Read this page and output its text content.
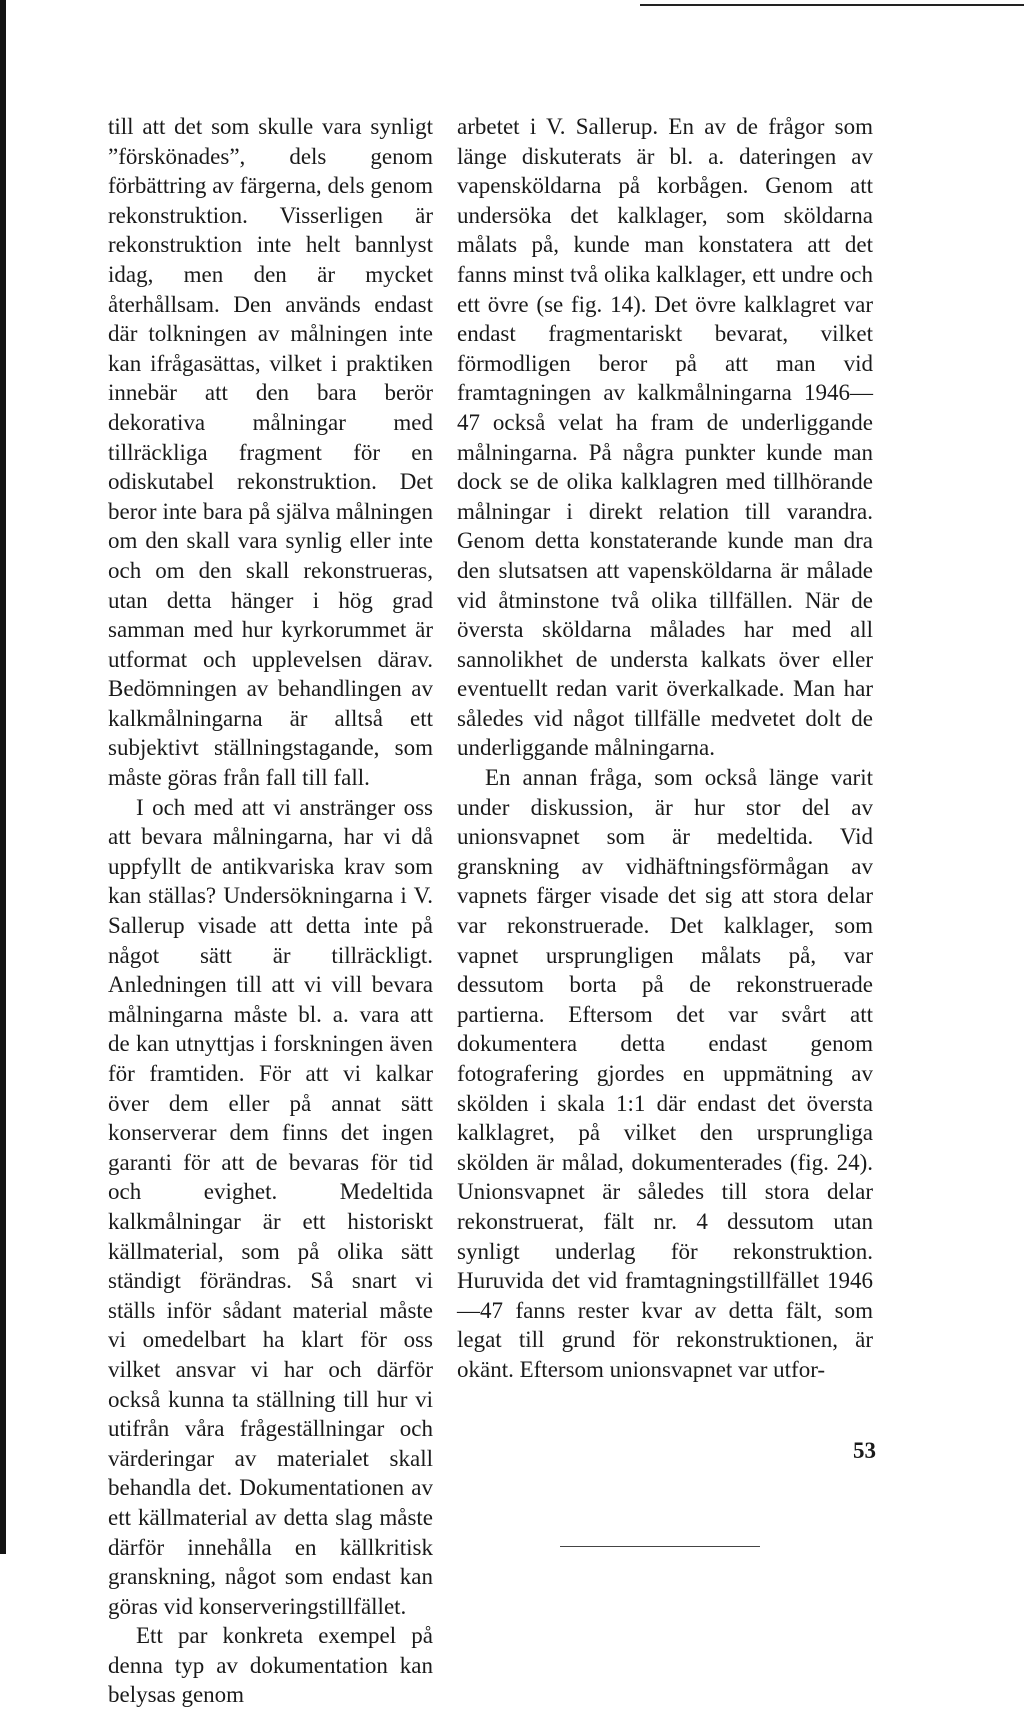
till att det som skulle vara synligt ”förskönades”, dels genom förbättring av färgerna, dels genom rekonstruktion. Visserligen är rekonstruktion inte helt bannlyst idag, men den är mycket återhållsam. Den används endast där tolkningen av målningen inte kan ifrågasättas, vilket i praktiken innebär att den bara berör dekorativa målningar med tillräckliga fragment för en odiskutabel rekonstruktion. Det beror inte bara på själva målningen om den skall vara synlig eller inte och om den skall rekonstrueras, utan detta hänger i hög grad samman med hur kyrkorummet är utformat och upplevelsen därav. Bedömningen av behandlingen av kalkmålningarna är alltså ett subjektivt ställningstagande, som måste göras från fall till fall.

I och med att vi anstränger oss att bevara målningarna, har vi då uppfyllt de antikvariska krav som kan ställas? Undersökningarna i V. Sallerup visade att detta inte på något sätt är tillräckligt. Anledningen till att vi vill bevara målningarna måste bl. a. vara att de kan utnyttjas i forskningen även för framtiden. För att vi kalkar över dem eller på annat sätt konserverar dem finns det ingen garanti för att de bevaras för tid och evighet. Medeltida kalkmålningar är ett historiskt källmaterial, som på olika sätt ständigt förändras. Så snart vi ställs inför sådant material måste vi omedelbart ha klart för oss vilket ansvar vi har och därför också kunna ta ställning till hur vi utifrån våra frågeställningar och värderingar av materialet skall behandla det. Dokumentationen av ett källmaterial av detta slag måste därför innehålla en källkritisk granskning, något som endast kan göras vid konserveringstillfället.

Ett par konkreta exempel på denna typ av dokumentation kan belysas genom

arbetet i V. Sallerup. En av de frågor som länge diskuterats är bl. a. dateringen av vapensköldarna på korbågen. Genom att undersöka det kalklager, som sköldarna målats på, kunde man konstatera att det fanns minst två olika kalklager, ett undre och ett övre (se fig. 14). Det övre kalklagret var endast fragmentariskt bevarat, vilket förmodligen beror på att man vid framtagningen av kalkmålningarna 1946—47 också velat ha fram de underliggande målningarna. På några punkter kunde man dock se de olika kalklagren med tillhörande målningar i direkt relation till varandra. Genom detta konstaterande kunde man dra den slutsatsen att vapensköldarna är målade vid åtminstone två olika tillfällen. När de översta sköldarna målades har med all sannolikhet de understa kalkats över eller eventuellt redan varit överkalkade. Man har således vid något tillfälle medvetet dolt de underliggande målningarna.

En annan fråga, som också länge varit under diskussion, är hur stor del av unionsvapnet som är medeltida. Vid granskning av vidhäftningsförmågan av vapnets färger visade det sig att stora delar var rekonstruerade. Det kalklager, som vapnet ursprungligen målats på, var dessutom borta på de rekonstruerade partierna. Eftersom det var svårt att dokumentera detta endast genom fotografering gjordes en uppmätning av skölden i skala 1:1 där endast det översta kalklagret, på vilket den ursprungliga skölden är målad, dokumenterades (fig. 24). Unionsvapnet är således till stora delar rekonstruerat, fält nr. 4 dessutom utan synligt underlag för rekonstruktion. Huruvida det vid framtagningstillfället 1946—47 fanns rester kvar av detta fält, som legat till grund för rekonstruktionen, är okänt. Eftersom unionsvapnet var utfor-

53
